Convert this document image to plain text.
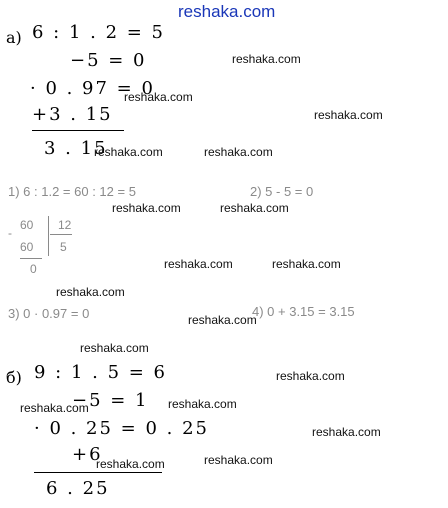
reshaka.com
а) 6 : 1 . 2 = 5
−5 = 0
· 0 . 97 = 0
+3 . 15
3 . 15
1) 6 : 1.2 = 60 : 12 = 5	2) 5 - 5 = 0
-
60 12
60 5
0
3) 0 · 0.97 = 0	4) 0 + 3.15 = 3.15
б) 9 : 1 . 5 = 6
−5 = 1
· 0 . 25 = 0 . 25
+6
6 . 25
reshaka.com
reshaka.com
reshaka.com
reshaka.com	reshaka.com
reshaka.com	reshaka.com
reshaka.com	reshaka.com
reshaka.com
reshaka.com
reshaka.com
reshaka.com
reshaka.com	reshaka.com
reshaka.com
reshaka.com	reshaka.com
